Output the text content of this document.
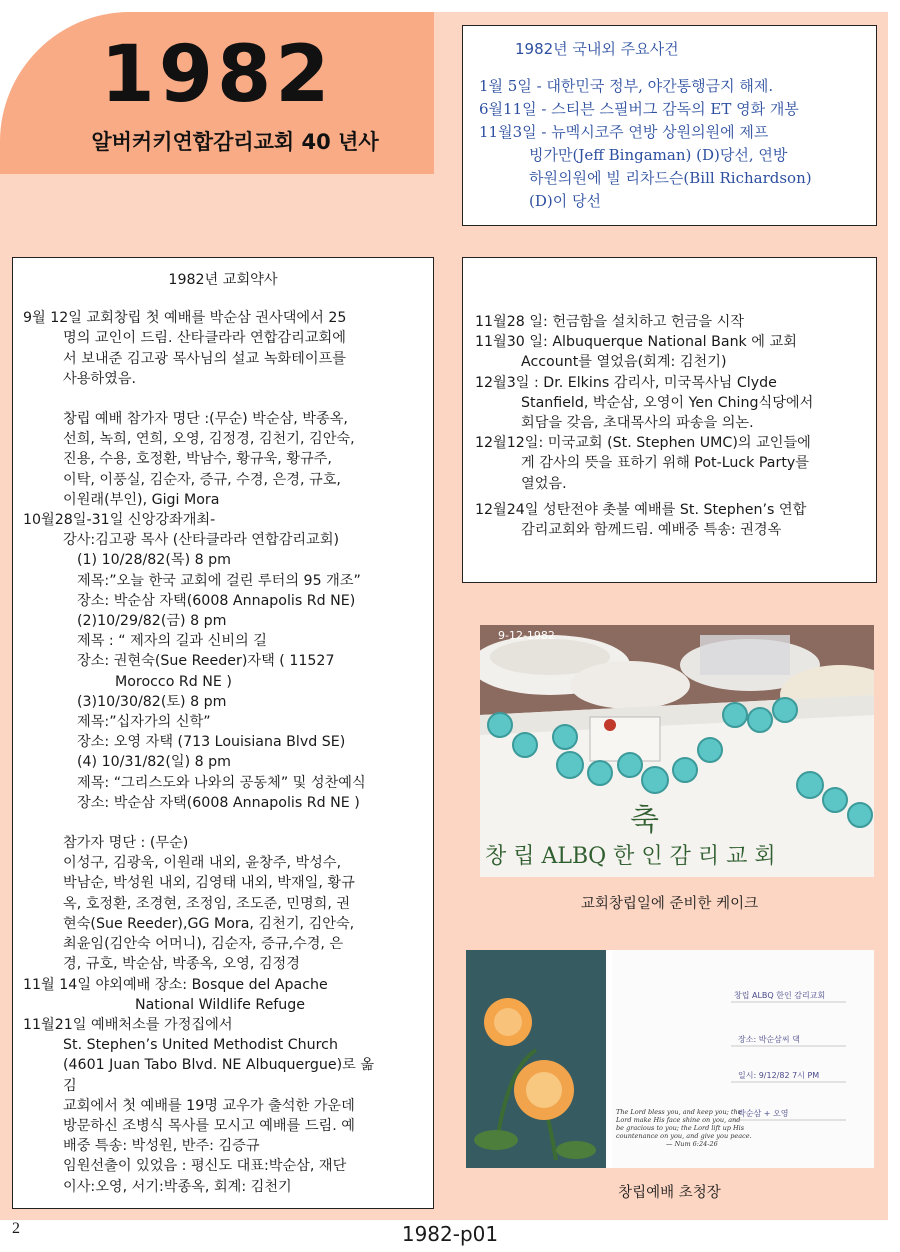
1982
알버커키연합감리교회 40 년사
1982년 국내외 주요사건
1월 5일 - 대한민국 정부, 야간통행금지 해제.
6월11일 - 스티븐 스필버그 감독의 ET 영화 개봉
11월3일 - 뉴멕시코주 연방 상원의원에 제프
빙가만(Jeff Bingaman) (D)당선, 연방
하원의원에 빌 리차드슨(Bill Richardson)
(D)이 당선
1982년 교회약사
9월 12일 교회창립 첫 예배를 박순삼 권사댁에서 25
명의 교인이 드림. 산타클라라 연합감리교회에
서 보내준 김고광 목사님의 설교 녹화테이프를
사용하였음.
창립 예배 참가자 명단 :(무순) 박순삼, 박종옥,
선희, 녹희, 연희, 오영, 김정경, 김천기, 김안숙,
진용, 수용, 호정환, 박남수, 황규욱, 황규주,
이탁, 이풍실, 김순자, 증규, 수경, 은경, 규호,
이원래(부인), Gigi Mora
10월28일-31일 신앙강좌개최-
강사:김고광 목사 (산타클라라 연합감리교회)
(1) 10/28/82(목) 8 pm
제목:”오늘 한국 교회에 걸린 루터의 95 개조”
장소: 박순삼 자택(6008 Annapolis Rd NE)
(2)10/29/82(금) 8 pm
제목 : “ 제자의 길과 신비의 길
장소: 권현숙(Sue Reeder)자택 ( 11527
Morocco Rd NE )
(3)10/30/82(토) 8 pm
제목:”십자가의 신학”
장소: 오영 자택 (713 Louisiana Blvd SE)
(4) 10/31/82(일) 8 pm
제목: “그리스도와 나와의 공동체” 및 성찬예식
장소: 박순삼 자택(6008 Annapolis Rd NE )
참가자 명단 : (무순)
이성구, 김광욱, 이원래 내외, 윤창주, 박성수,
박남순, 박성원 내외, 김영태 내외, 박재일, 황규
옥, 호정환, 조경현, 조정임, 조도준, 민명희, 권
현숙(Sue Reeder),GG Mora, 김천기, 김안숙,
최윤임(김안숙 어머니), 김순자, 증규,수경, 은
경, 규호, 박순삼, 박종옥, 오영, 김정경
11월 14일 야외예배 장소: Bosque del Apache
National Wildlife Refuge
11월21일 예배처소를 가정집에서
St. Stephen’s United Methodist Church
(4601 Juan Tabo Blvd. NE Albuquergue)로 옮
김
교회에서 첫 예배를 19명 교우가 출석한 가운데
방문하신 조병식 목사를 모시고 예배를 드림. 예
배중 특송: 박성원, 반주: 김증규
임원선출이 있었음 : 평신도 대표:박순삼, 재단
이사:오영, 서기:박종옥, 회계: 김천기
11월28 일: 헌금함을 설치하고 헌금을 시작
11월30 일: Albuquerque National Bank 에 교회
Account를 열었음(회계: 김천기)
12월3일 : Dr. Elkins 감리사, 미국목사님 Clyde
Stanfield, 박순삼, 오영이 Yen Ching식당에서
회담을 갖음, 초대목사의 파송을 의논.
12월12일: 미국교회 (St. Stephen UMC)의 교인들에
게 감사의 뜻을 표하기 위해 Pot-Luck Party를
열었음.
12월24일 성탄전야 촛불 예배를 St. Stephen’s 연합
감리교회와 함께드림. 예배중 특송: 권경옥
축
창 립 ALBQ 한 인 감 리 교 회
9-12-1982
교회창립일에 준비한 케이크
The Lord bless you, and keep you; the Lord make His face shine on you, and be gracious to you; the Lord lift up His countenance on you, and give you peace. — Num 6:24-26
창립 ALBQ 한인 감리교회
장소: 박순삼씨 댁
일시: 9/12/82 7시 PM
박순삼 + 오영
창립예배 초청장
2	1982-p01
